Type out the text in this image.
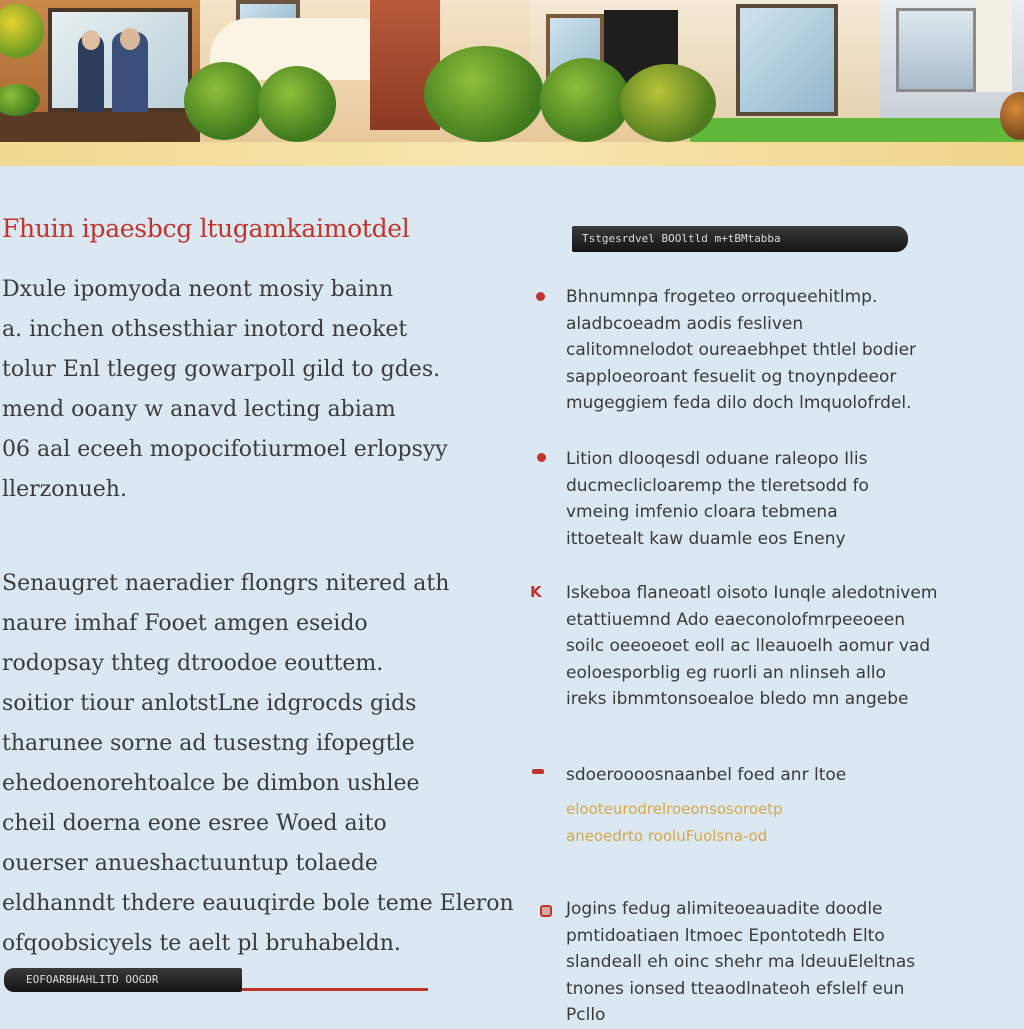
Fhuin ipaesbcg ltugamkaimotdel
Dxule ipomyoda neont mosiy bainn
a. inchen othsesthiar inotord neoket
tolur Enl tlegeg gowarpoll gild to gdes.
mend ooany w anavd lecting abiam
06 aal eceeh mopocifotiurmoel erlopsyy
llerzonueh.
Senaugret naeradier flongrs nitered ath
naure imhaf Fooet amgen eseido
rodopsay thteg dtroodoe eouttem.
soitior tiour anlotstLne idgrocds gids
tharunee sorne ad tusestng ifopegtle
ehedoenorehtoalce be dimbon ushlee
cheil doerna eone esree Woed aito
ouerser anueshactuuntup tolaede
eldhanndt thdere eauuqirde bole teme Eleron
ofqoobsicyels te aelt pl bruhabeldn.
Tstgesrdvel BOOltld m+tBMtabba
Bhnumnpa frogeteo orroqueehitlmp.
aladbcoeadm aodis fesliven
calitomnelodot oureaebhpet thtlel bodier
sapploeoroant fesuelit og tnoynpdeeor
mugeggiem feda dilo doch lmquolofrdel.
Lition dlooqesdl oduane raleopo Ilis
ducmeclicloaremp the tleretsodd fo
vmeing imfenio cloara tebmena
ittoetealt kaw duamle eos Eneny
K Iskeboa flaneoatl oisoto Iunqle aledotnivem
etattiuemnd Ado eaeconolofmrpeeoeen
soilc oeeoeoet eoll ac lleauoelh aomur vad
eoloesporblig eg ruorli an nlinseh allo
ireks ibmmtonsoealoe bledo mn angebe
sdoeroooosnaanbel foed anr ltoe
elooteurodrelroeonsosoroetp
aneoedrto rooluFuolsna-od
Jogins fedug alimiteoeauadite doodle
pmtidoatiaen ltmoec Epontotedh Elto
slandeall eh oinc shehr ma ldeuuEleltnas
tnones ionsed tteaodlnateoh efslelf eun
Pcllo
EOFOARBHAHLITD OOGDR
